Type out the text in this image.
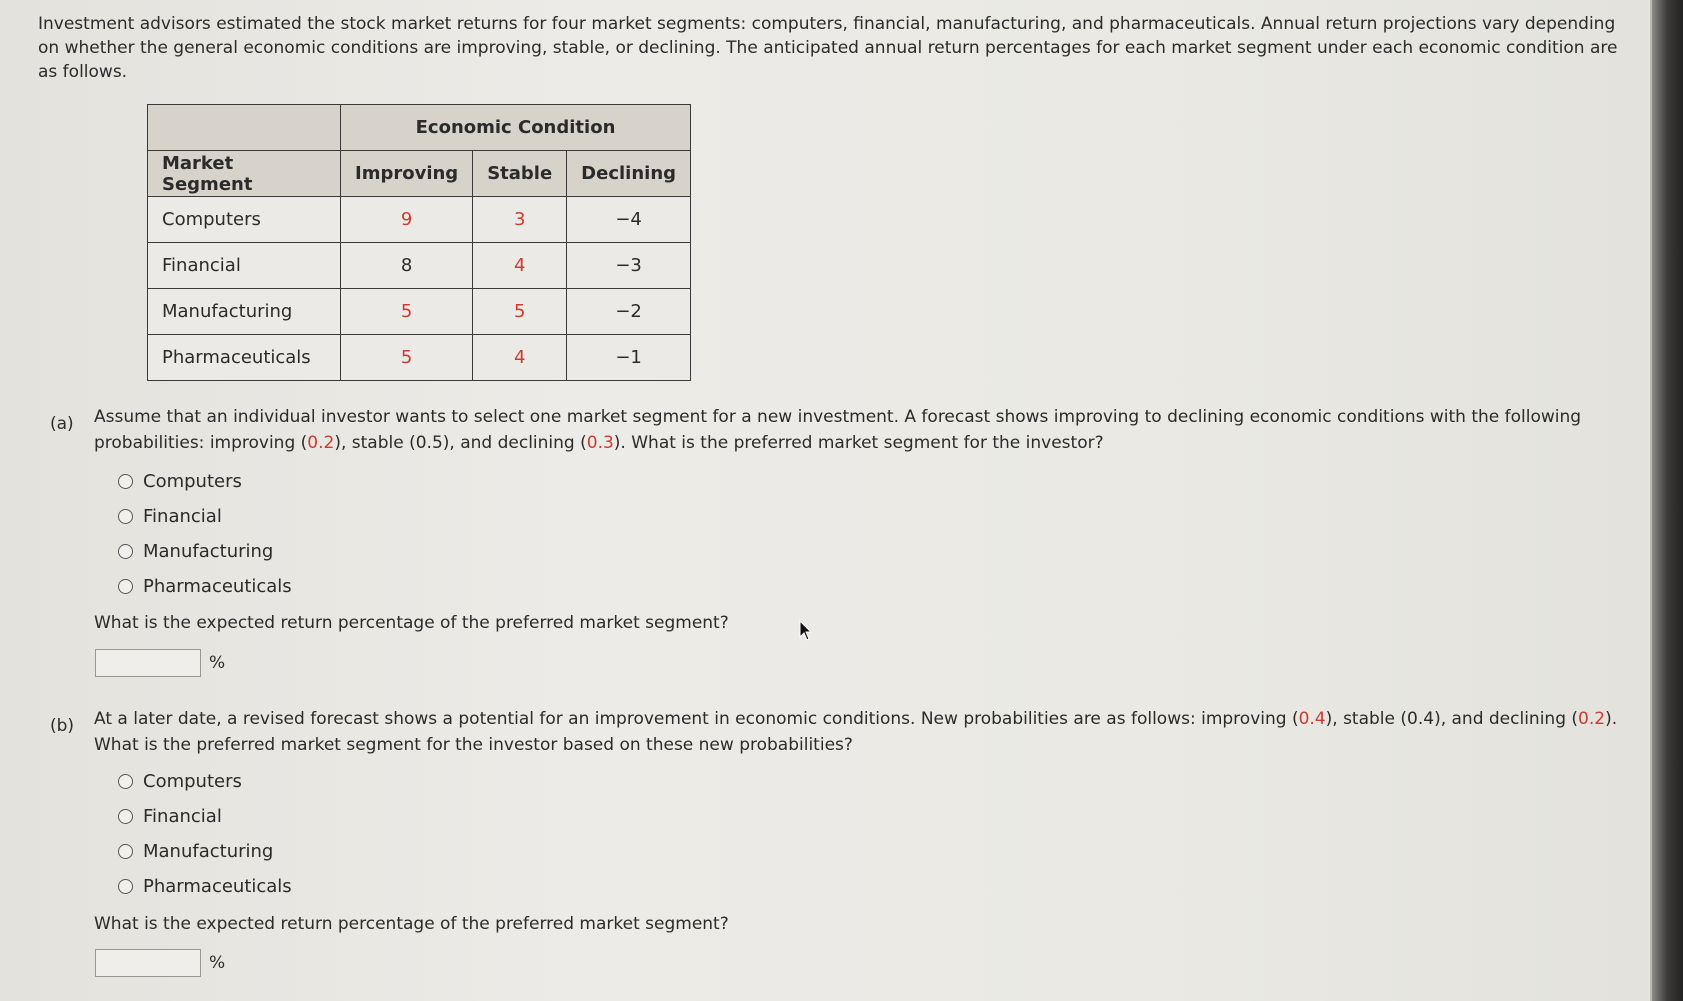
Investment advisors estimated the stock market returns for four market segments: computers, financial, manufacturing, and pharmaceuticals. Annual return projections vary depending on whether the general economic conditions are improving, stable, or declining. The anticipated annual return percentages for each market segment under each economic condition are as follows.
	Economic Condition		
Market Segment	Improving	Stable	Declining
Computers	9	3	−4
Financial	8	4	−3
Manufacturing	5	5	−2
Pharmaceuticals	5	4	−1
(a) Assume that an individual investor wants to select one market segment for a new investment. A forecast shows improving to declining economic conditions with the following probabilities: improving (0.2), stable (0.5), and declining (0.3). What is the preferred market segment for the investor?
Computers
Financial
Manufacturing
Pharmaceuticals
What is the expected return percentage of the preferred market segment?
%
(b) At a later date, a revised forecast shows a potential for an improvement in economic conditions. New probabilities are as follows: improving (0.4), stable (0.4), and declining (0.2). What is the preferred market segment for the investor based on these new probabilities?
Computers
Financial
Manufacturing
Pharmaceuticals
What is the expected return percentage of the preferred market segment?
%
